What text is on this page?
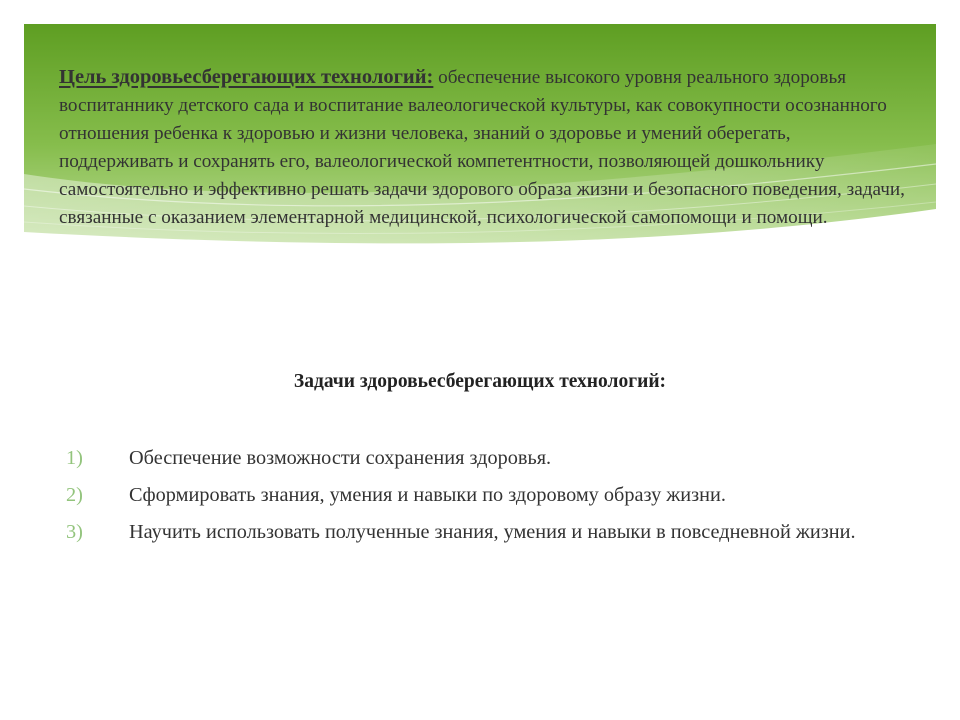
Цель здоровьесберегающих технологий: обеспечение высокого уровня реального здоровья воспитаннику детского сада и воспитание валеологической культуры, как совокупности осознанного отношения ребенка к здоровью и жизни человека, знаний о здоровье и умений оберегать, поддерживать и сохранять его, валеологической компетентности, позволяющей дошкольнику самостоятельно и эффективно решать задачи здорового образа жизни и безопасного поведения, задачи, связанные с оказанием элементарной медицинской, психологической самопомощи и помощи.
Задачи здоровьесберегающих технологий:
1)	Обеспечение возможности сохранения здоровья.
2)	Сформировать знания, умения и навыки по здоровому образу жизни.
3)	Научить использовать полученные знания, умения и навыки в повседневной жизни.
